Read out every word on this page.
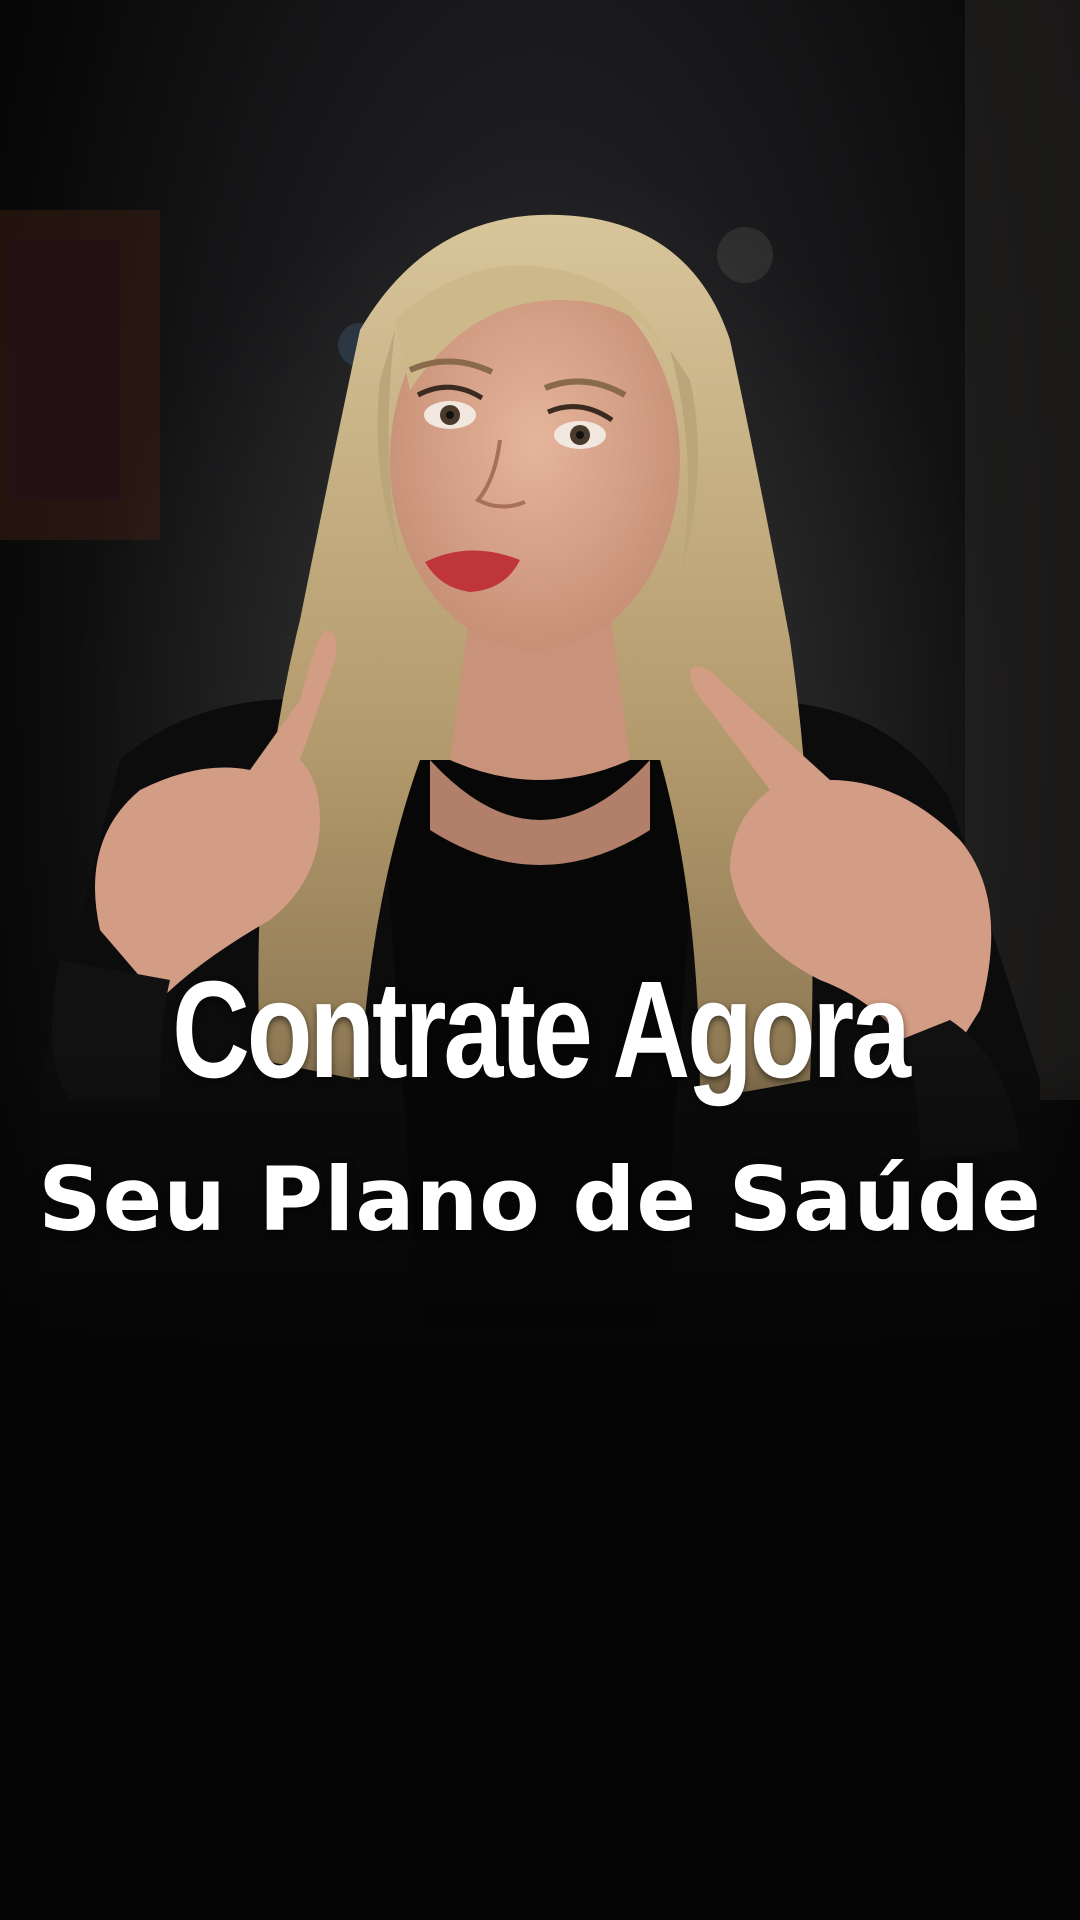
Contrate Agora
Seu Plano de Saúde
